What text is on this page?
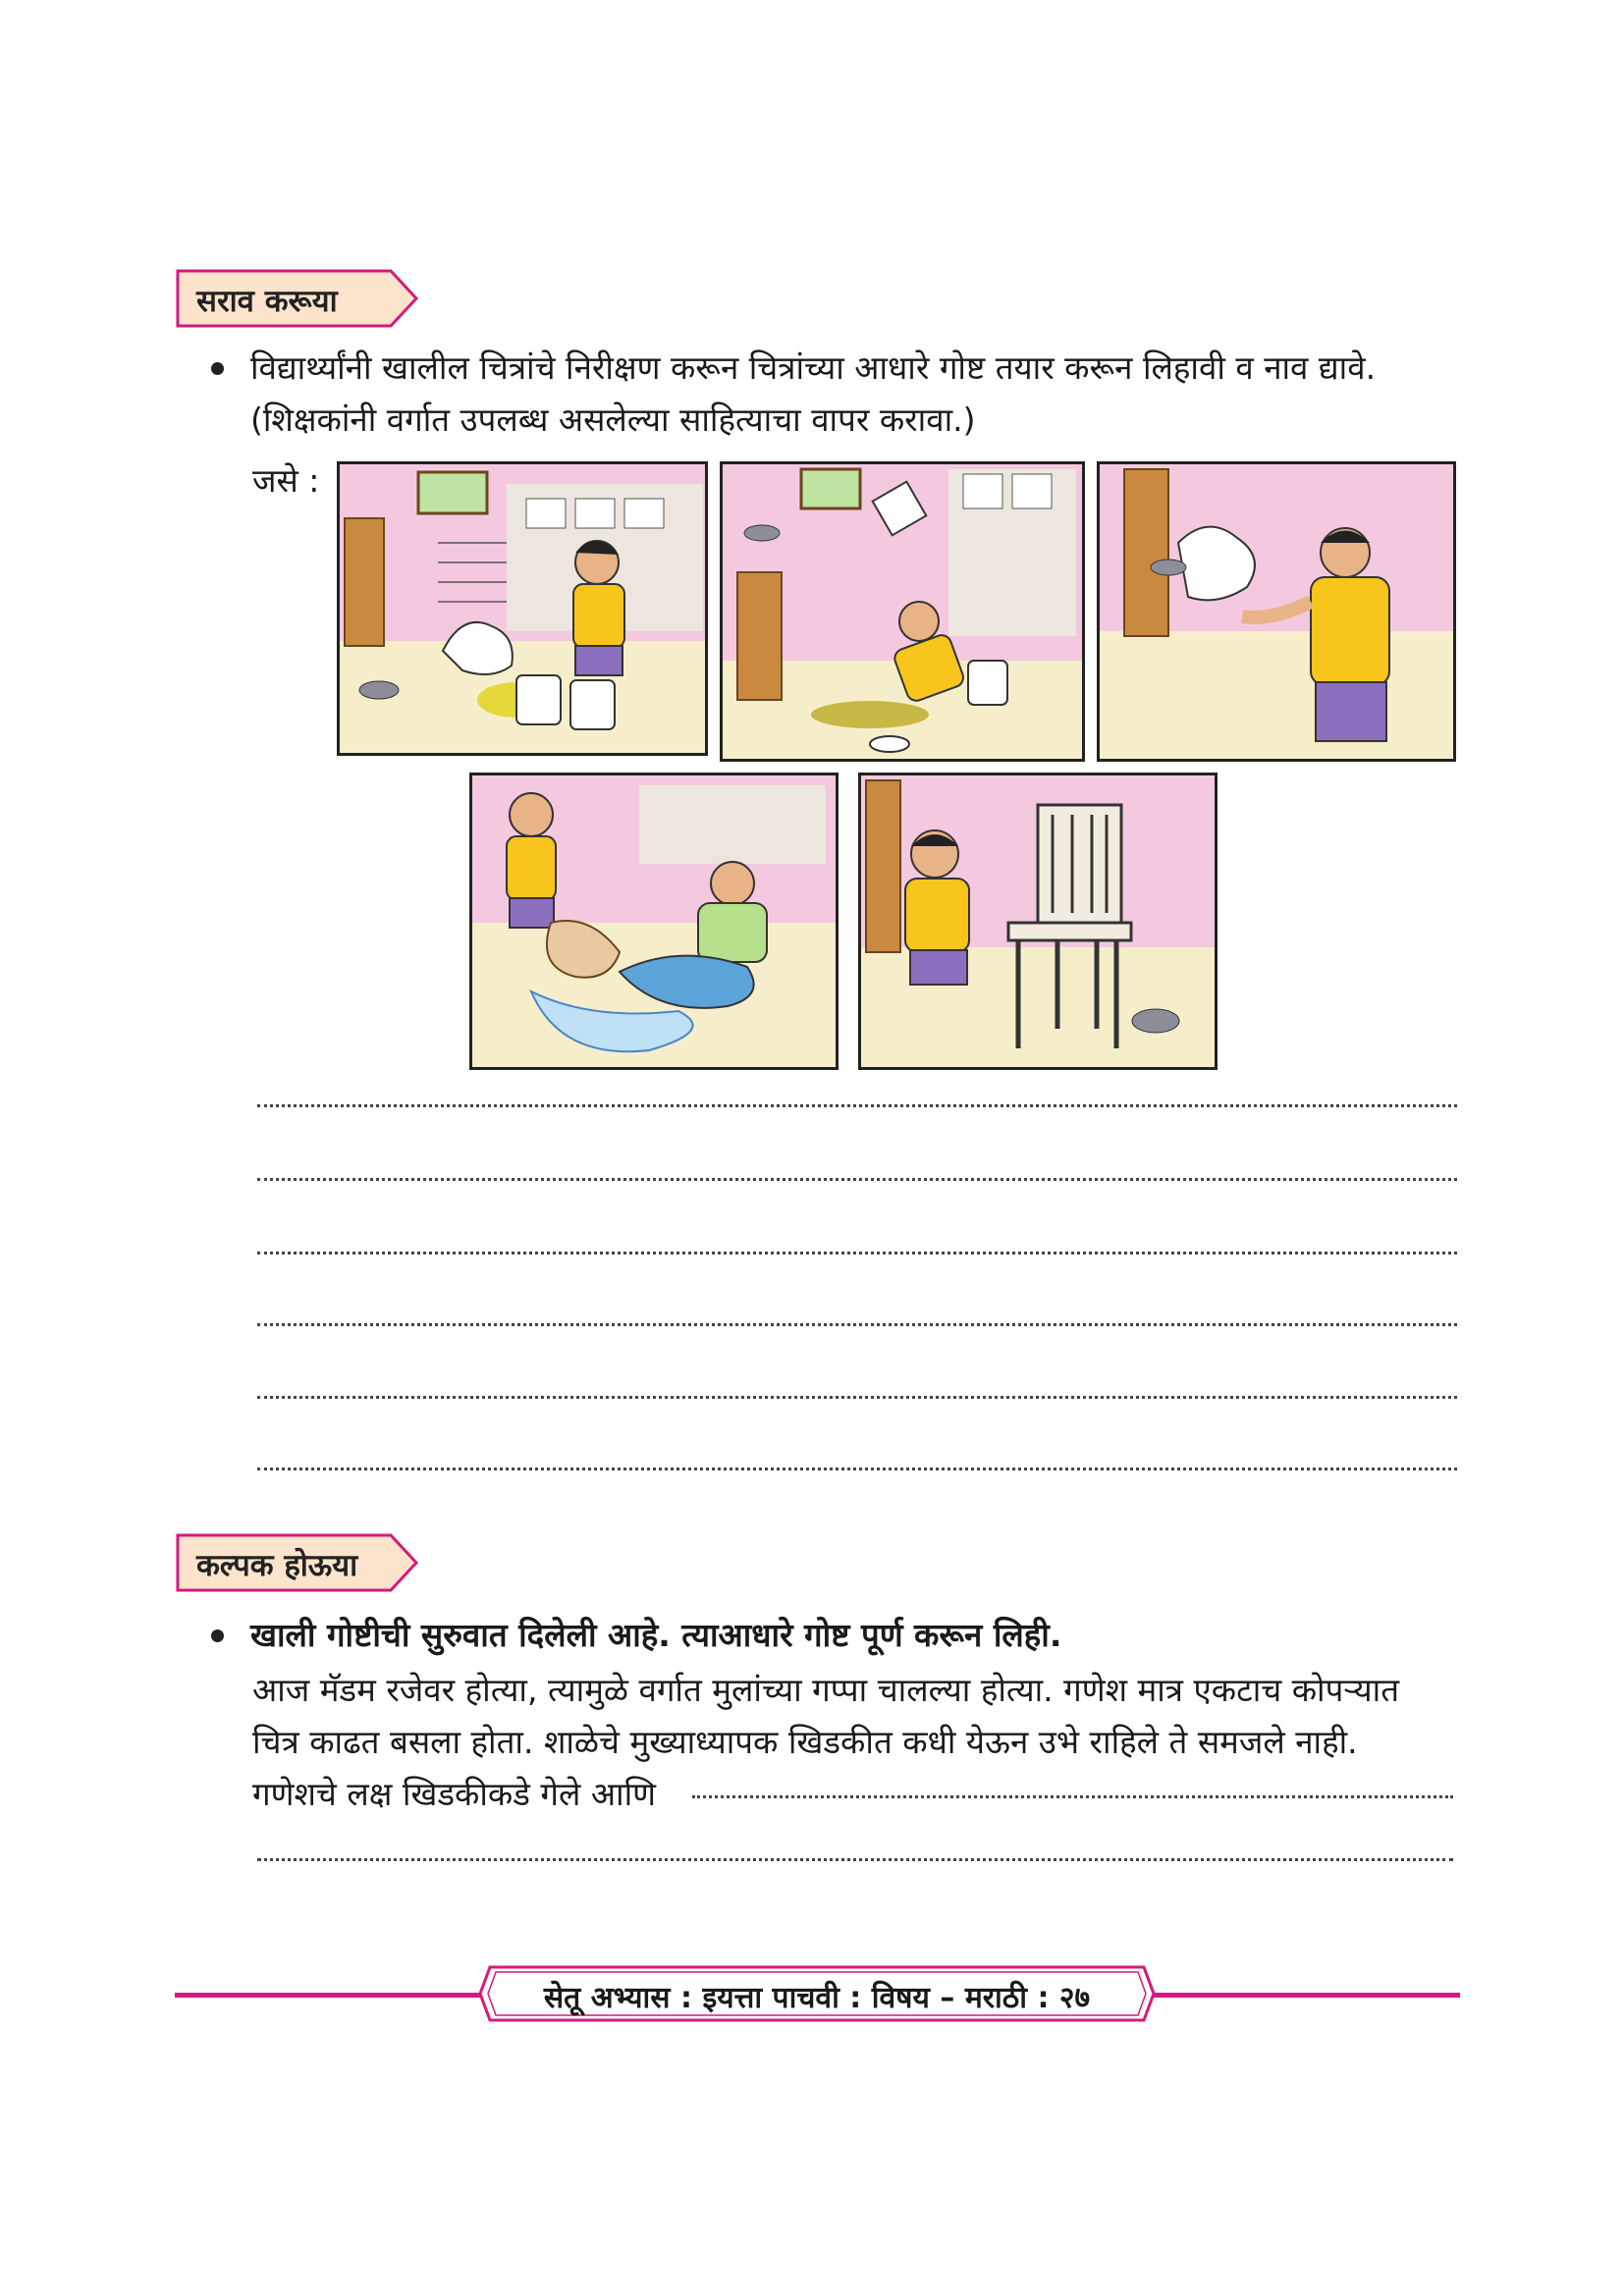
सराव करूया
विद्यार्थ्यांनी खालील चित्रांचे निरीक्षण करून चित्रांच्या आधारे गोष्ट तयार करून लिहावी व नाव द्यावे.
(शिक्षकांनी वर्गात उपलब्ध असलेल्या साहित्याचा वापर करावा.)
जसे :
कल्पक होऊया
खाली गोष्टीची सुरुवात दिलेली आहे. त्याआधारे गोष्ट पूर्ण करून लिही.
आज मॅडम रजेवर होत्या, त्यामुळे वर्गात मुलांच्या गप्पा चालल्या होत्या. गणेश मात्र एकटाच कोपऱ्यात
चित्र काढत बसला होता. शाळेचे मुख्याध्यापक खिडकीत कधी येऊन उभे राहिले ते समजले नाही.
गणेशचे लक्ष खिडकीकडे गेले आणि
सेतू अभ्यास : इयत्ता पाचवी : विषय – मराठी : २७
